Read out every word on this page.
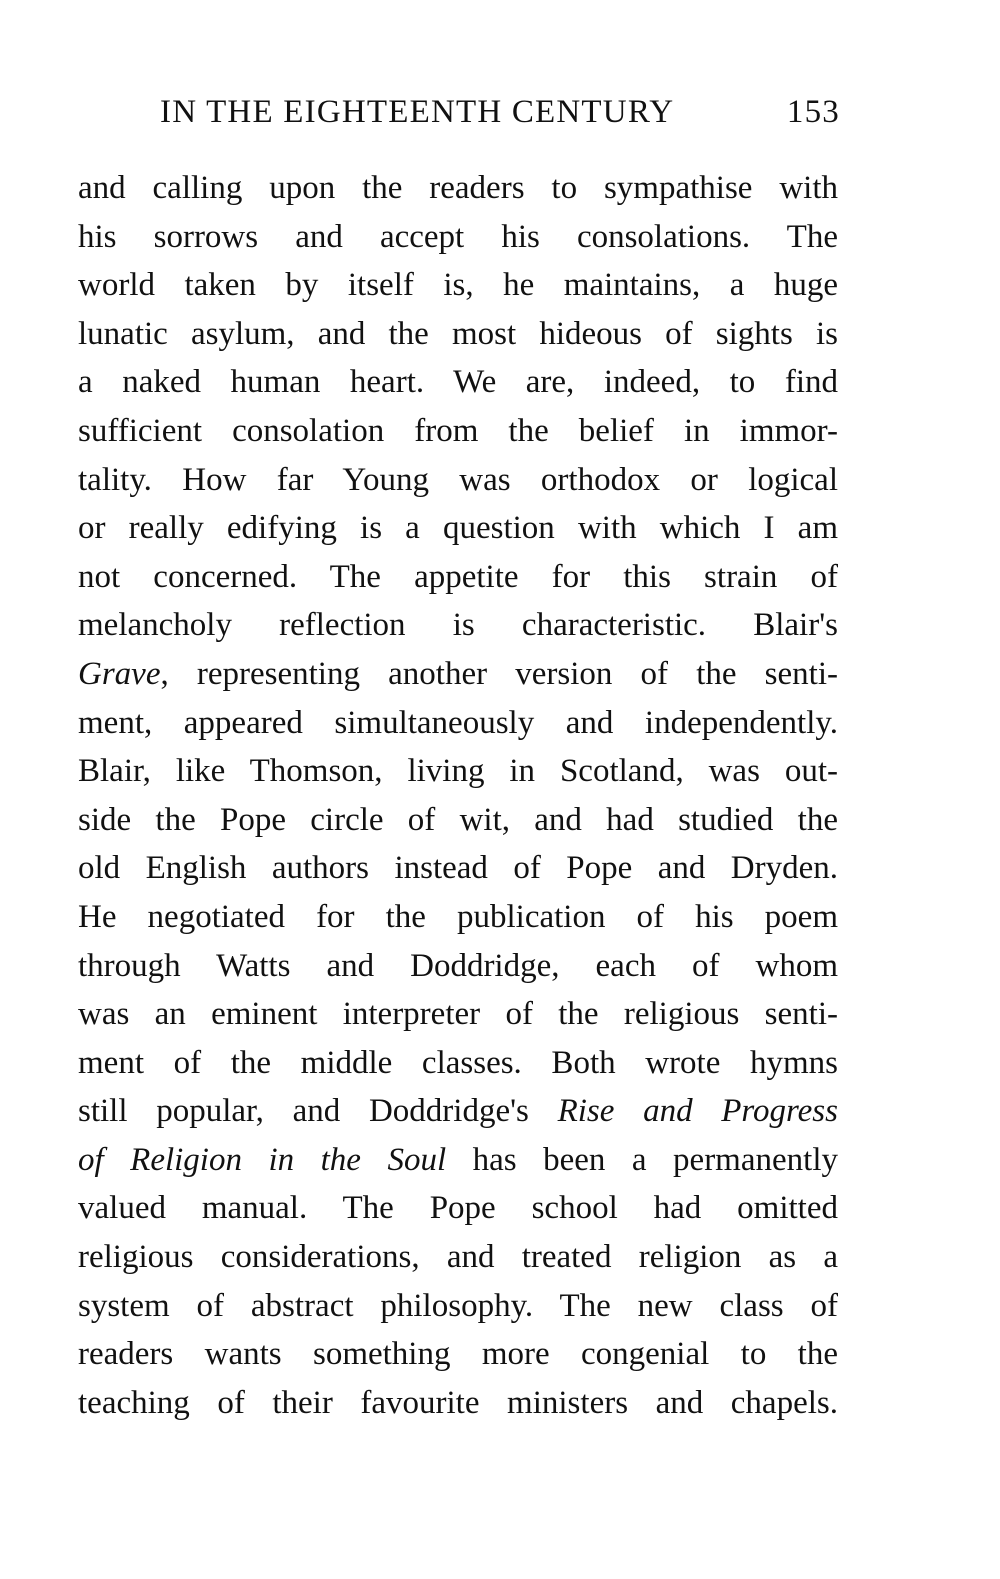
IN THE EIGHTEENTH CENTURY	153
and calling upon the readers to sympathise with
his sorrows and accept his consolations. The
world taken by itself is, he maintains, a huge
lunatic asylum, and the most hideous of sights is
a naked human heart. We are, indeed, to find
sufficient consolation from the belief in immor-
tality. How far Young was orthodox or logical
or really edifying is a question with which I am
not concerned. The appetite for this strain of
melancholy reflection is characteristic. Blair's
Grave, representing another version of the senti-
ment, appeared simultaneously and independently.
Blair, like Thomson, living in Scotland, was out-
side the Pope circle of wit, and had studied the
old English authors instead of Pope and Dryden.
He negotiated for the publication of his poem
through Watts and Doddridge, each of whom
was an eminent interpreter of the religious senti-
ment of the middle classes. Both wrote hymns
still popular, and Doddridge's Rise and Progress
of Religion in the Soul has been a permanently
valued manual. The Pope school had omitted
religious considerations, and treated religion as a
system of abstract philosophy. The new class of
readers wants something more congenial to the
teaching of their favourite ministers and chapels.
